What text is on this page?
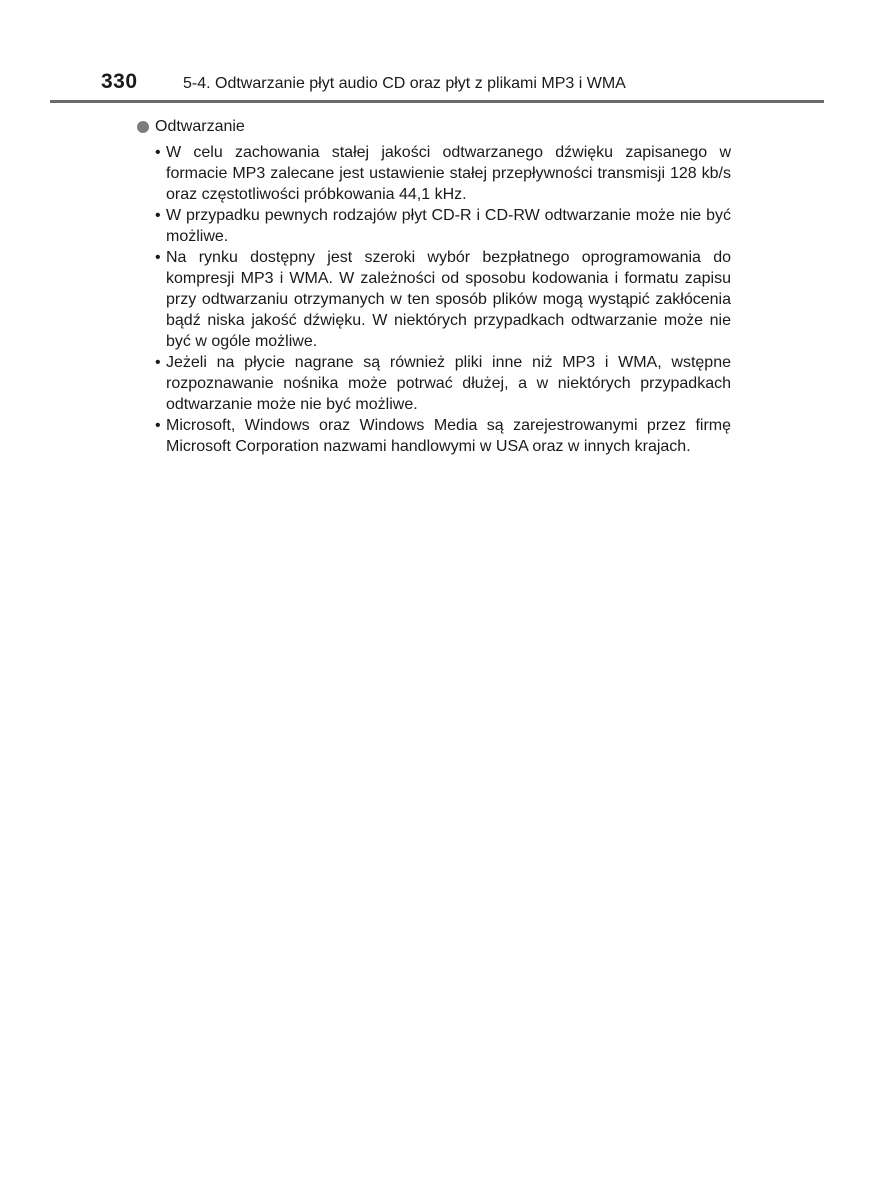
330	5-4. Odtwarzanie płyt audio CD oraz płyt z plikami MP3 i WMA
Odtwarzanie
• W celu zachowania stałej jakości odtwarzanego dźwięku zapisanego w formacie MP3 zalecane jest ustawienie stałej przepływności transmisji 128 kb/s oraz częstotliwości próbkowania 44,1 kHz.
• W przypadku pewnych rodzajów płyt CD-R i CD-RW odtwarzanie może nie być możliwe.
• Na rynku dostępny jest szeroki wybór bezpłatnego oprogramowania do kompresji MP3 i WMA. W zależności od sposobu kodowania i formatu zapisu przy odtwarzaniu otrzymanych w ten sposób plików mogą wystąpić zakłócenia bądź niska jakość dźwięku. W niektórych przypadkach odtwarzanie może nie być w ogóle możliwe.
• Jeżeli na płycie nagrane są również pliki inne niż MP3 i WMA, wstępne rozpoznawanie nośnika może potrwać dłużej, a w niektórych przypadkach odtwarzanie może nie być możliwe.
• Microsoft, Windows oraz Windows Media są zarejestrowanymi przez firmę Microsoft Corporation nazwami handlowymi w USA oraz w innych krajach.
